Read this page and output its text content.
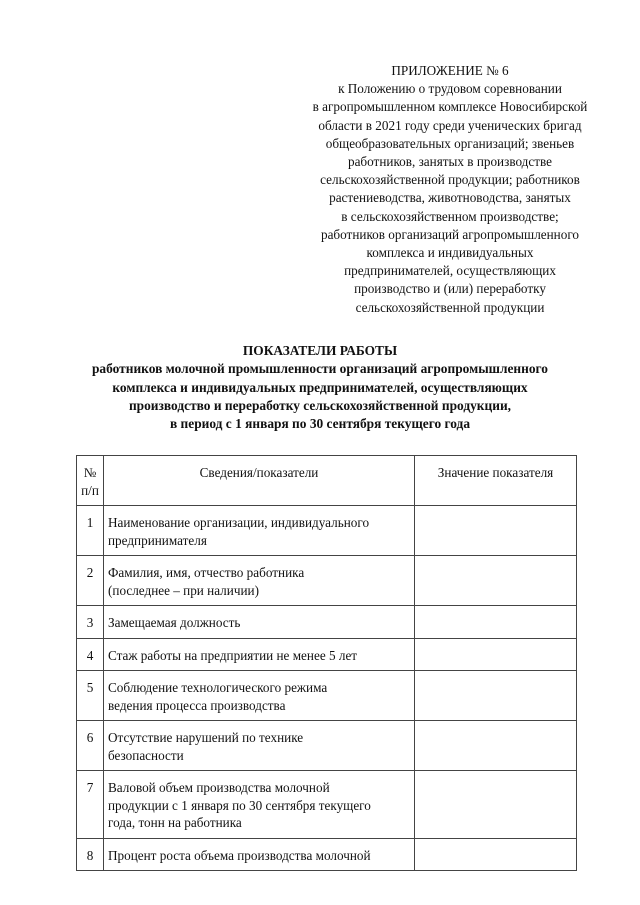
ПРИЛОЖЕНИЕ № 6
к Положению о трудовом соревновании
в агропромышленном комплексе Новосибирской
области в 2021 году среди ученических бригад
общеобразовательных организаций; звеньев
работников, занятых в производстве
сельскохозяйственной продукции; работников
растениеводства, животноводства, занятых
в сельскохозяйственном производстве;
работников организаций агропромышленного
комплекса и индивидуальных
предпринимателей, осуществляющих
производство и (или) переработку
сельскохозяйственной продукции
ПОКАЗАТЕЛИ РАБОТЫ
работников молочной промышленности организаций агропромышленного
комплекса и индивидуальных предпринимателей, осуществляющих
производство и переработку сельскохозяйственной продукции,
в период с 1 января по 30 сентября текущего года
№
п/п	Сведения/показатели	Значение показателя
1	Наименование организации, индивидуального
предпринимателя	

2	Фамилия, имя, отчество работника
(последнее – при наличии)	

3	Замещаемая должность	

4	Стаж работы на предприятии не менее 5 лет	

5	Соблюдение технологического режима
ведения процесса производства	

6	Отсутствие нарушений по технике
безопасности	

7	Валовой объем производства молочной
продукции с 1 января по 30 сентября текущего
года, тонн на работника	

8	Процент роста объема производства молочной	
